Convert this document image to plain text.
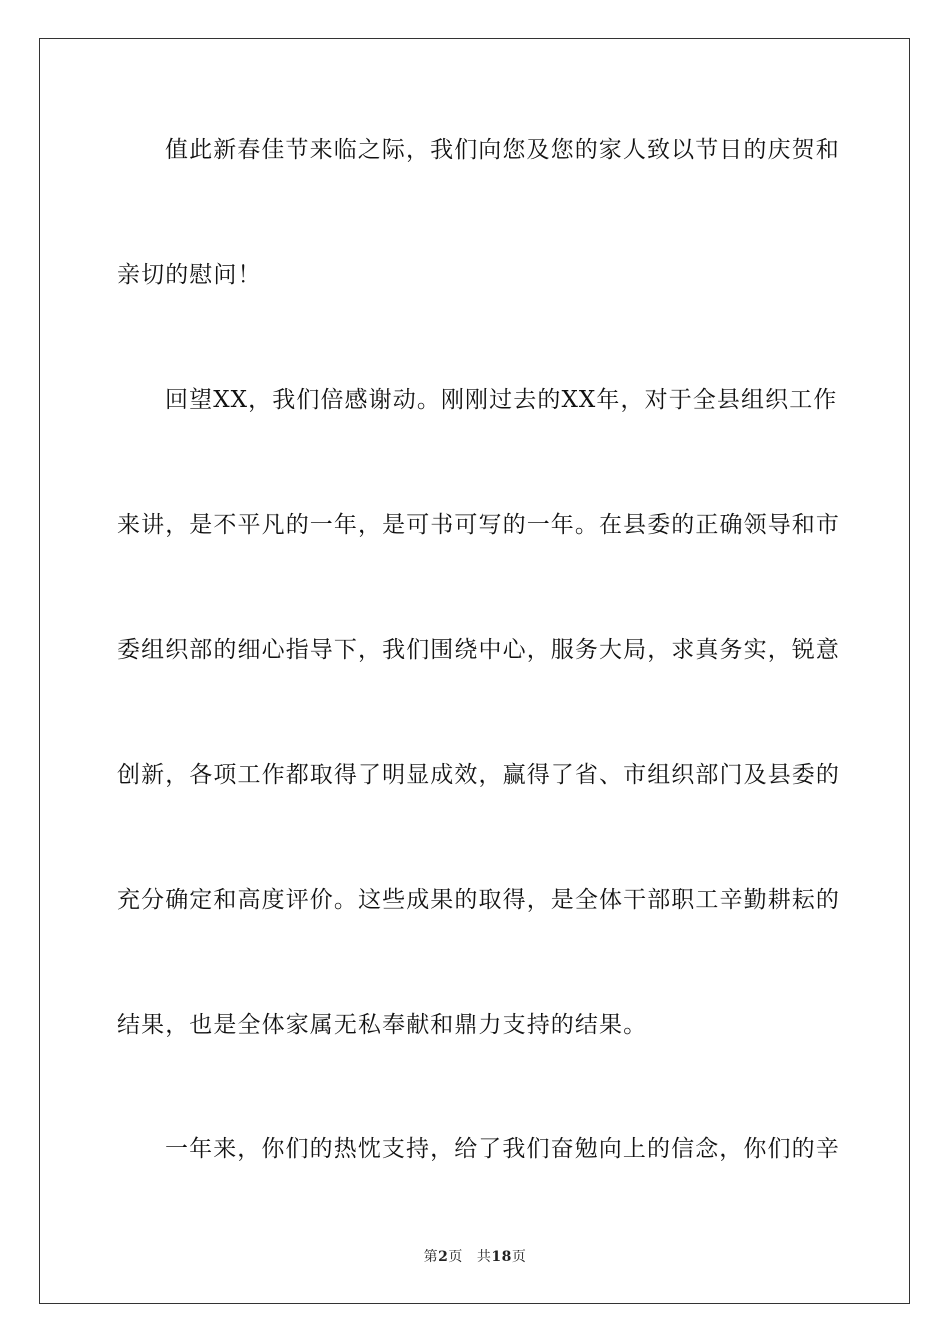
值此新春佳节来临之际，我们向您及您的家人致以节日的庆贺和
亲切的慰问！
回望XX，我们倍感谢动。刚刚过去的XX年，对于全县组织工作
来讲，是不平凡的一年，是可书可写的一年。在县委的正确领导和市
委组织部的细心指导下，我们围绕中心，服务大局，求真务实，锐意
创新，各项工作都取得了明显成效，赢得了省、市组织部门及县委的
充分确定和高度评价。这些成果的取得，是全体干部职工辛勤耕耘的
结果，也是全体家属无私奉献和鼎力支持的结果。
一年来，你们的热忱支持，给了我们奋勉向上的信念，你们的辛
第2页 共18页
